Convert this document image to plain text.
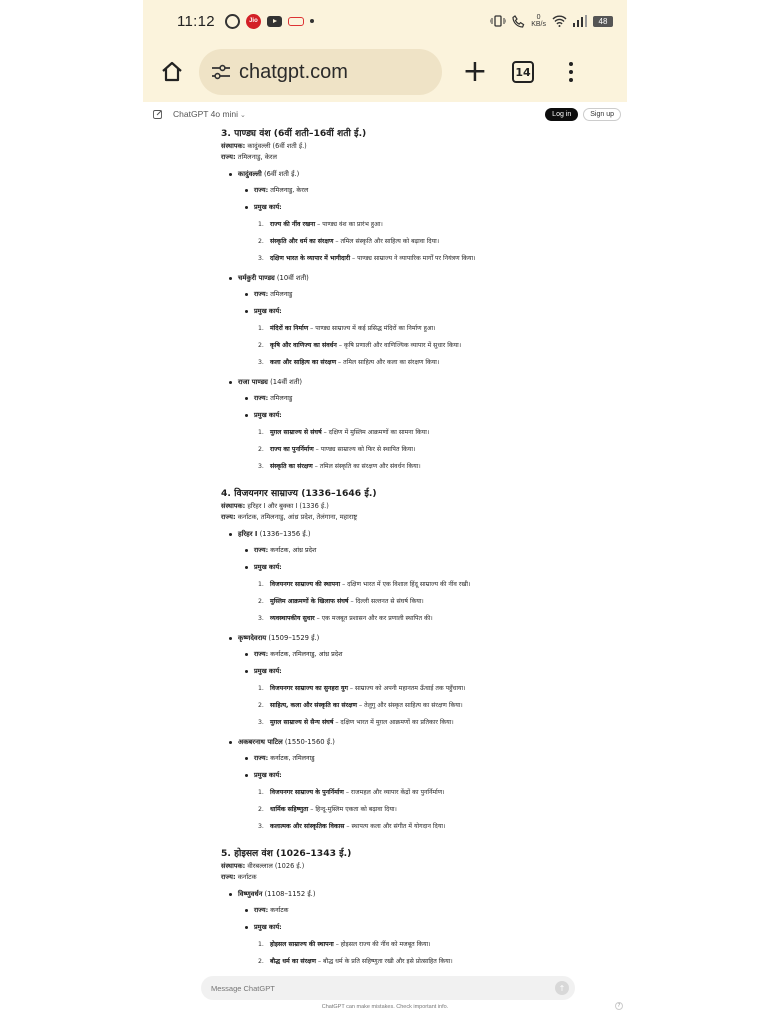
11:12	Jio	0
KB/s	48
chatgpt.com	+	14
ChatGPT 4o mini ⌄	Log in	Sign up
3. पाण्ड्य वंश (6वीं शती–16वीं शती ई.)
संस्थापक: कादुंवल्ली (6वीं शती ई.)
राज्य: तमिलनाडु, केरल
कादुंवल्ली (6वीं शती ई.)
राज्य: तमिलनाडु, केरल
प्रमुख कार्य:
1. राज्य की नींव रखना – पाण्ड्य वंश का प्रारंभ हुआ।
2. संस्कृति और धर्म का संरक्षण – तमिल संस्कृति और साहित्य को बढ़ावा दिया।
3. दक्षिण भारत के व्यापार में भागीदारी – पाण्ड्य साम्राज्य ने व्यापारिक मार्गों पर नियंत्रण किया।
चर्मकुरी पाण्ड्य (10वीं शती)
राज्य: तमिलनाडु
प्रमुख कार्य:
1. मंदिरों का निर्माण – पाण्ड्य साम्राज्य में कई प्रसिद्ध मंदिरों का निर्माण हुआ।
2. कृषि और वाणिज्य का संवर्धन – कृषि प्रणाली और वाणिज्यिक व्यापार में सुधार किया।
3. कला और साहित्य का संरक्षण – तमिल साहित्य और कला का संरक्षण किया।
राजा पाण्ड्य (14वीं शती)
राज्य: तमिलनाडु
प्रमुख कार्य:
1. मुग़ल साम्राज्य से संघर्ष – दक्षिण में मुस्लिम आक्रमणों का सामना किया।
2. राज्य का पुनर्निर्माण – पाण्ड्य साम्राज्य को फिर से स्थापित किया।
3. संस्कृति का संरक्षण – तमिल संस्कृति का संरक्षण और संवर्धन किया।
4. विजयनगर साम्राज्य (1336–1646 ई.)
संस्थापक: हरिहर I और बुक्का I (1336 ई.)
राज्य: कर्नाटक, तमिलनाडु, आंध्र प्रदेश, तेलंगाना, महाराष्ट्र
हरिहर I (1336–1356 ई.)
राज्य: कर्नाटक, आंध्र प्रदेश
प्रमुख कार्य:
1. विजयनगर साम्राज्य की स्थापना – दक्षिण भारत में एक विशाल हिंदू साम्राज्य की नींव रखी।
2. मुस्लिम आक्रमणों के खिलाफ संघर्ष – दिल्ली सल्तनत से संघर्ष किया।
3. व्यवस्थापकीय सुधार – एक मजबूत प्रशासन और कर प्रणाली स्थापित की।
कृष्णदेवराय (1509–1529 ई.)
राज्य: कर्नाटक, तमिलनाडु, आंध्र प्रदेश
प्रमुख कार्य:
1. विजयनगर साम्राज्य का सुनहरा युग – साम्राज्य को अपनी महानतम ऊँचाई तक पहुँचाया।
2. साहित्य, कला और संस्कृति का संरक्षण – तेलुगु और संस्कृत साहित्य का संरक्षण किया।
3. मुग़ल साम्राज्य से सैन्य संघर्ष – दक्षिण भारत में मुग़ल आक्रमणों का प्रतिकार किया।
अकबरनाथ पाटिल (1550-1560 ई.)
राज्य: कर्नाटक, तमिलनाडु
प्रमुख कार्य:
1. विजयनगर साम्राज्य के पुनर्निर्माण – राजमहल और व्यापार केंद्रों का पुनर्निर्माण।
2. धार्मिक सहिष्णुता – हिन्दू-मुस्लिम एकता को बढ़ावा दिया।
3. कलात्मक और सांस्कृतिक विकास – स्थापत्य कला और संगीत में योगदान दिया।
5. होइसल वंश (1026–1343 ई.)
संस्थापक: वीरबल्लाल (1026 ई.)
राज्य: कर्नाटक
विष्णुवर्धन (1108–1152 ई.)
राज्य: कर्नाटक
प्रमुख कार्य:
1. होइसल साम्राज्य की स्थापना – होइसल राज्य की नींव को मजबूत किया।
2. बौद्ध धर्म का संरक्षण – बौद्ध धर्म के प्रति सहिष्णुता रखी और इसे प्रोत्साहित किया।
Message ChatGPT
↑
ChatGPT can make mistakes. Check important info.	?
